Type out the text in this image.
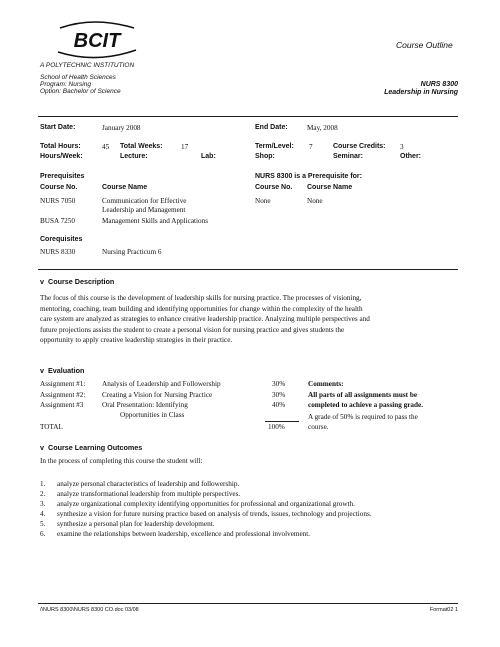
BCIT
A POLYTECHNIC INSTITUTION
Course Outline
School of Health Sciences
Program: Nursing
Option: Bachelor of Science
NURS 8300
Leadership in Nursing
Start Date:	January 2008	End Date:	May, 2008
Total Hours:	45 Total Weeks:	17	Term/Level: 7	Course Credits: 3
Hours/Week:	Lecture:	Lab:	Shop:	Seminar:	Other:
Prerequisites
Course No.	Course Name
NURS 7050	Communication for Effective
Leadership and Management
BUSA 7250	Management Skills and Applications
NURS 8300 is a Prerequisite for:
Course No. Course Name
None	None
Corequisites
NURS 8330	Nursing Practicum 6
v  Course Description
The focus of this course is the development of leadership skills for nursing practice. The processes of visioning,
mentoring, coaching, team building and identifying opportunities for change within the complexity of the health
care system are analyzed as strategies to enhance creative leadership practice. Analyzing multiple perspectives and
future projections assists the student to create a personal vision for nursing practice and gives students the
opportunity to apply creative leadership strategies in their practice.
v  Evaluation
Assignment #1: Analysis of Leadership and Followership	30%
Assignment #2: Creating a Vision for Nursing Practice	30%
Assignment #3	Oral Presentation: Identifying	40%
Opportunities in Class
TOTAL	100%
Comments:
All parts of all assignments must be
completed to achieve a passing grade.
A grade of 50% is required to pass the
course.
v  Course Learning Outcomes
In the process of completing this course the student will:
1. analyze personal characteristics of leadership and followership.
2. analyze transformational leadership from multiple perspectives.
3. analyze organizational complexity identifying opportunities for professional and organizational growth.
4. synthesize a vision for future nursing practice based on analysis of trends, issues, technology and projections.
5. synthesize a personal plan for leadership development.
6. examine the relationships between leadership, excellence and professional involvement.
/\NURS 8300\NURS 8300 CO.doc 03/08	Format02 1
